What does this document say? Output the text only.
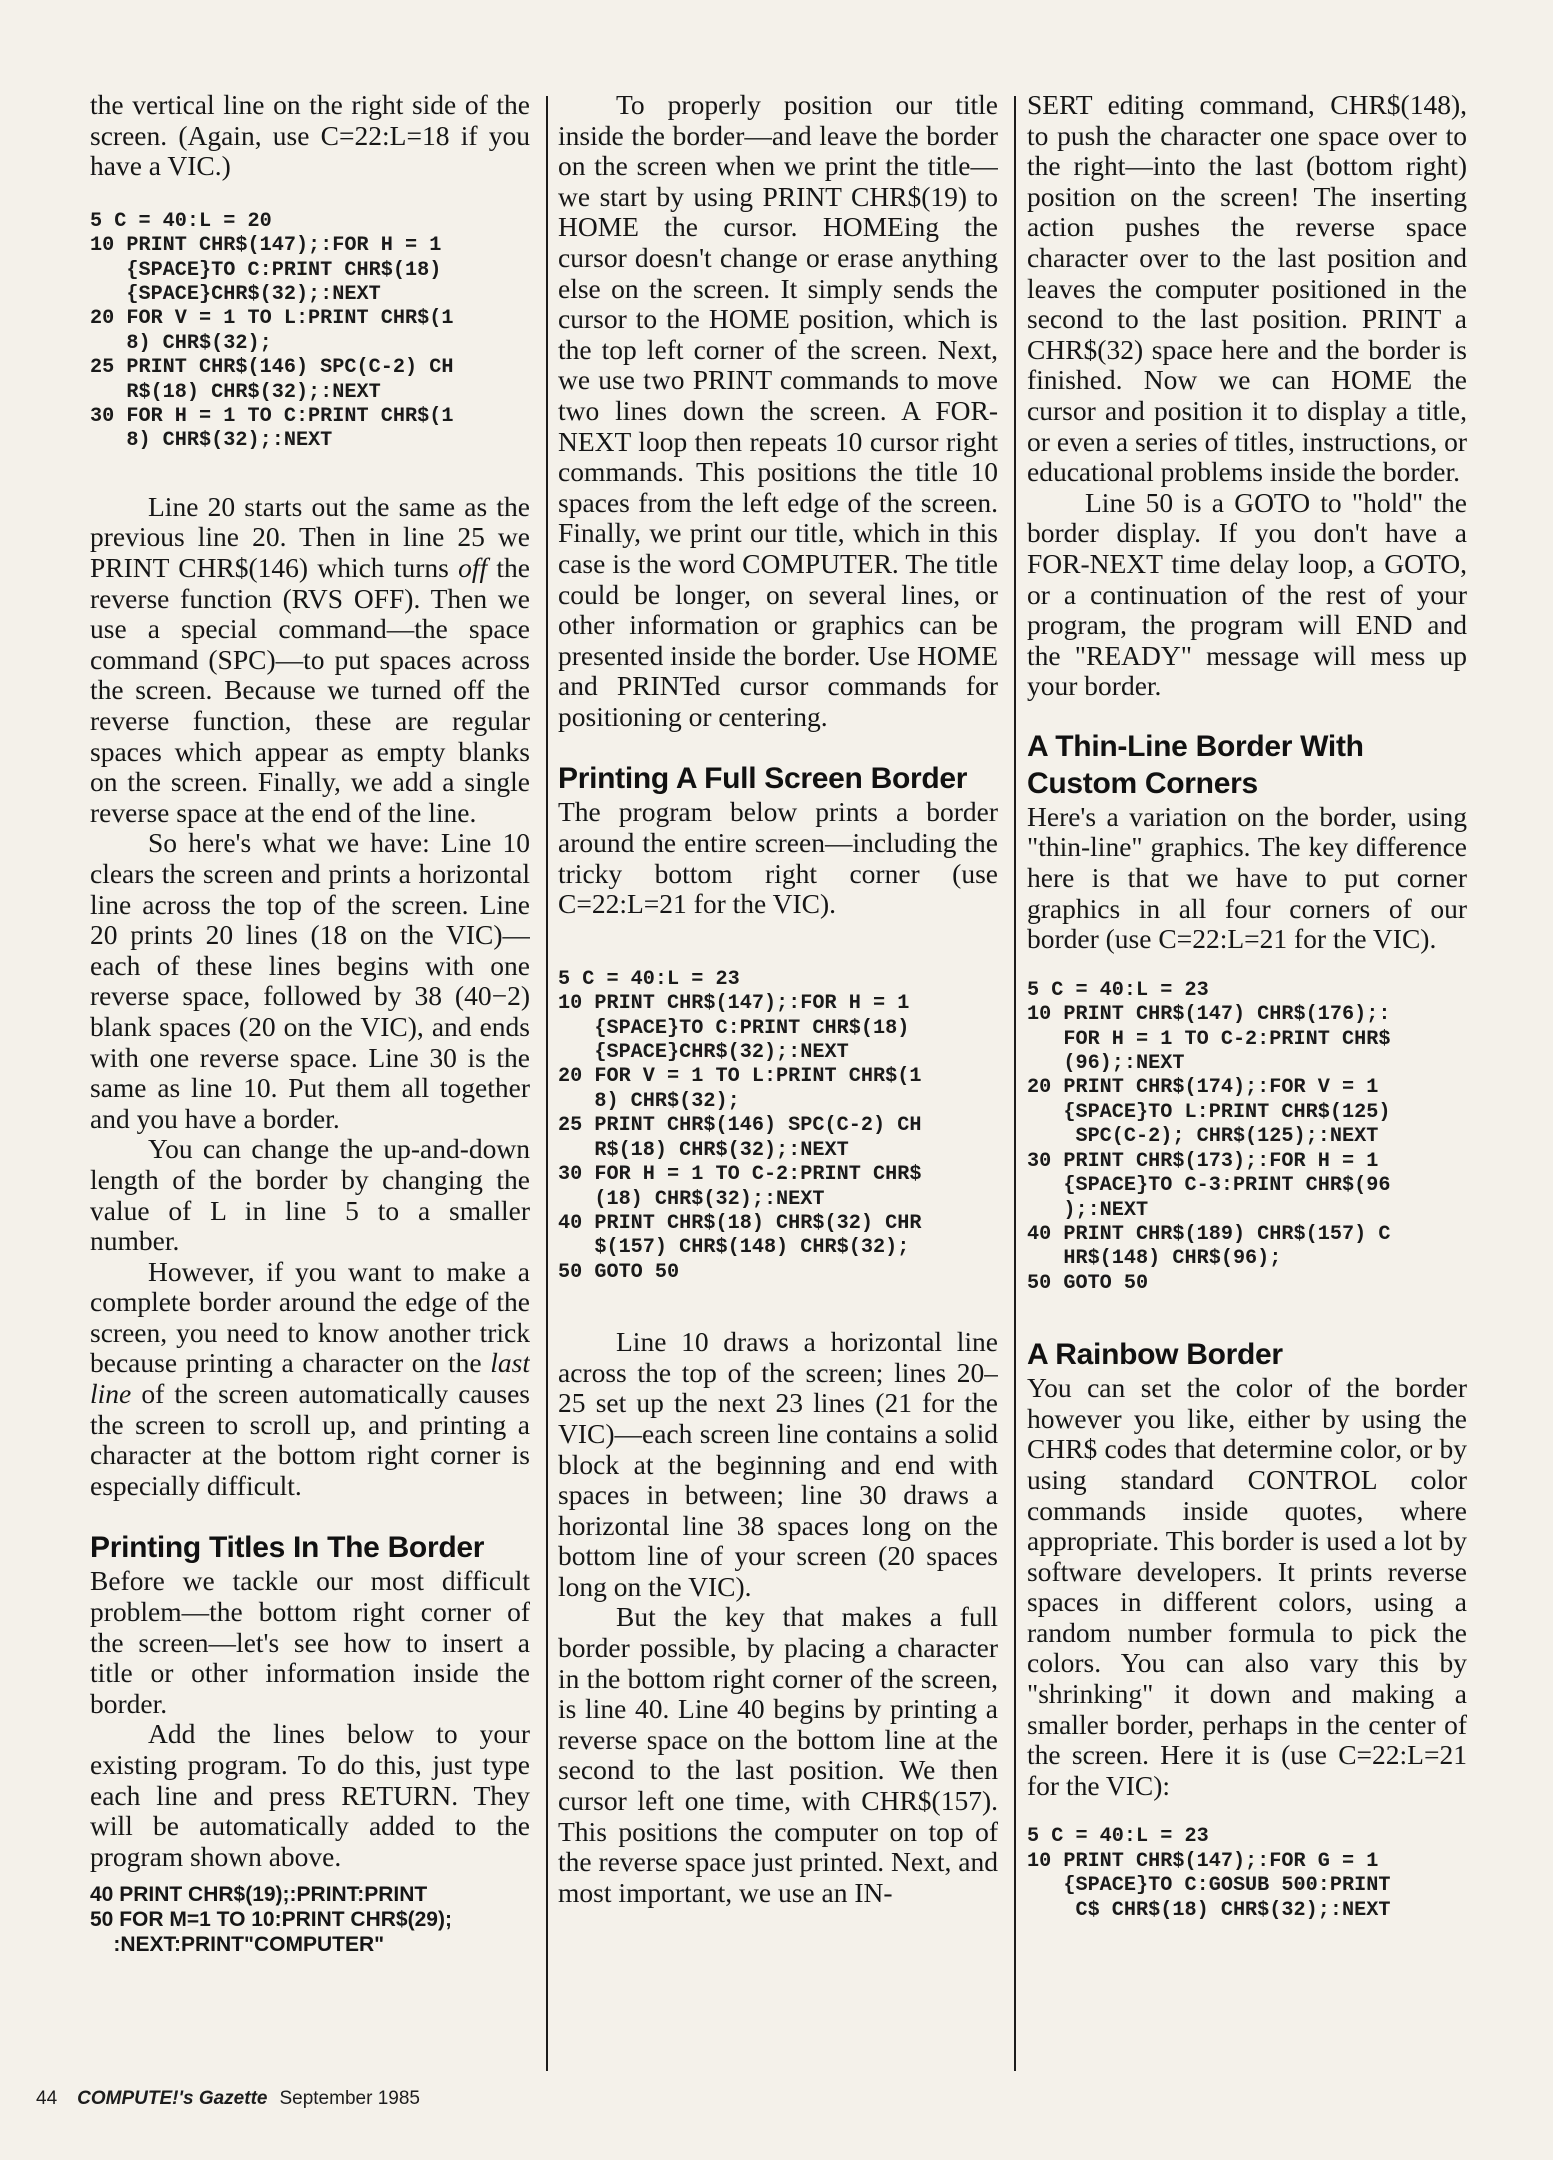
the vertical line on the right side of the screen. (Again, use C=22:L=18 if you have a VIC.)

5 C = 40:L = 20
10 PRINT CHR$(147);:FOR H = 1
{SPACE}TO C:PRINT CHR$(18)
{SPACE}CHR$(32);:NEXT
20 FOR V = 1 TO L:PRINT CHR$(1
8) CHR$(32);
25 PRINT CHR$(146) SPC(C-2) CH
R$(18) CHR$(32);:NEXT
30 FOR H = 1 TO C:PRINT CHR$(1
8) CHR$(32);:NEXT

Line 20 starts out the same as the previous line 20. Then in line 25 we PRINT CHR$(146) which turns off the reverse function (RVS OFF). Then we use a special command—the space command (SPC)—to put spaces across the screen. Because we turned off the reverse function, these are regular spaces which appear as empty blanks on the screen. Finally, we add a single reverse space at the end of the line.

So here's what we have: Line 10 clears the screen and prints a horizontal line across the top of the screen. Line 20 prints 20 lines (18 on the VIC)—each of these lines begins with one reverse space, followed by 38 (40−2) blank spaces (20 on the VIC), and ends with one reverse space. Line 30 is the same as line 10. Put them all together and you have a border.

You can change the up-and-down length of the border by changing the value of L in line 5 to a smaller number.

However, if you want to make a complete border around the edge of the screen, you need to know another trick because printing a character on the last line of the screen automatically causes the screen to scroll up, and printing a character at the bottom right corner is especially difficult.

Printing Titles In The Border

Before we tackle our most difficult problem—the bottom right corner of the screen—let's see how to insert a title or other information inside the border.

Add the lines below to your existing program. To do this, just type each line and press RETURN. They will be automatically added to the program shown above.

40 PRINT CHR$(19);:PRINT:PRINT
50 FOR M=1 TO 10:PRINT CHR$(29);
:NEXT:PRINT"COMPUTER"

To properly position our title inside the border—and leave the border on the screen when we print the title—we start by using PRINT CHR$(19) to HOME the cursor. HOMEing the cursor doesn't change or erase anything else on the screen. It simply sends the cursor to the HOME position, which is the top left corner of the screen. Next, we use two PRINT commands to move two lines down the screen. A FOR-NEXT loop then repeats 10 cursor right commands. This positions the title 10 spaces from the left edge of the screen. Finally, we print our title, which in this case is the word COMPUTER. The title could be longer, on several lines, or other information or graphics can be presented inside the border. Use HOME and PRINTed cursor commands for positioning or centering.

Printing A Full Screen Border

The program below prints a border around the entire screen—including the tricky bottom right corner (use C=22:L=21 for the VIC).

5 C = 40:L = 23
10 PRINT CHR$(147);:FOR H = 1
{SPACE}TO C:PRINT CHR$(18)
{SPACE}CHR$(32);:NEXT
20 FOR V = 1 TO L:PRINT CHR$(1
8) CHR$(32);
25 PRINT CHR$(146) SPC(C-2) CH
R$(18) CHR$(32);:NEXT
30 FOR H = 1 TO C-2:PRINT CHR$
(18) CHR$(32);:NEXT
40 PRINT CHR$(18) CHR$(32) CHR
$(157) CHR$(148) CHR$(32);
50 GOTO 50

Line 10 draws a horizontal line across the top of the screen; lines 20–25 set up the next 23 lines (21 for the VIC)—each screen line contains a solid block at the beginning and end with spaces in between; line 30 draws a horizontal line 38 spaces long on the bottom line of your screen (20 spaces long on the VIC).

But the key that makes a full border possible, by placing a character in the bottom right corner of the screen, is line 40. Line 40 begins by printing a reverse space on the bottom line at the second to the last position. We then cursor left one time, with CHR$(157). This positions the computer on top of the reverse space just printed. Next, and most important, we use an IN-

SERT editing command, CHR$(148), to push the character one space over to the right—into the last (bottom right) position on the screen! The inserting action pushes the reverse space character over to the last position and leaves the computer positioned in the second to the last position. PRINT a CHR$(32) space here and the border is finished. Now we can HOME the cursor and position it to display a title, or even a series of titles, instructions, or educational problems inside the border.

Line 50 is a GOTO to "hold" the border display. If you don't have a FOR-NEXT time delay loop, a GOTO, or a continuation of the rest of your program, the program will END and the "READY" message will mess up your border.

A Thin-Line Border With Custom Corners

Here's a variation on the border, using "thin-line" graphics. The key difference here is that we have to put corner graphics in all four corners of our border (use C=22:L=21 for the VIC).

5 C = 40:L = 23
10 PRINT CHR$(147) CHR$(176);:
FOR H = 1 TO C-2:PRINT CHR$
(96);:NEXT
20 PRINT CHR$(174);:FOR V = 1
{SPACE}TO L:PRINT CHR$(125)
SPC(C-2); CHR$(125);:NEXT
30 PRINT CHR$(173);:FOR H = 1
{SPACE}TO C-3:PRINT CHR$(96
);:NEXT
40 PRINT CHR$(189) CHR$(157) C
HR$(148) CHR$(96);
50 GOTO 50
A Rainbow Border

You can set the color of the border however you like, either by using the CHR$ codes that determine color, or by using standard CONTROL color commands inside quotes, where appropriate. This border is used a lot by software developers. It prints reverse spaces in different colors, using a random number formula to pick the colors. You can also vary this by "shrinking" it down and making a smaller border, perhaps in the center of the screen. Here it is (use C=22:L=21 for the VIC):

5 C = 40:L = 23
10 PRINT CHR$(147);:FOR G = 1
{SPACE}TO C:GOSUB 500:PRINT
C$ CHR$(18) CHR$(32);:NEXT
44 COMPUTE!'s Gazette September 1985
